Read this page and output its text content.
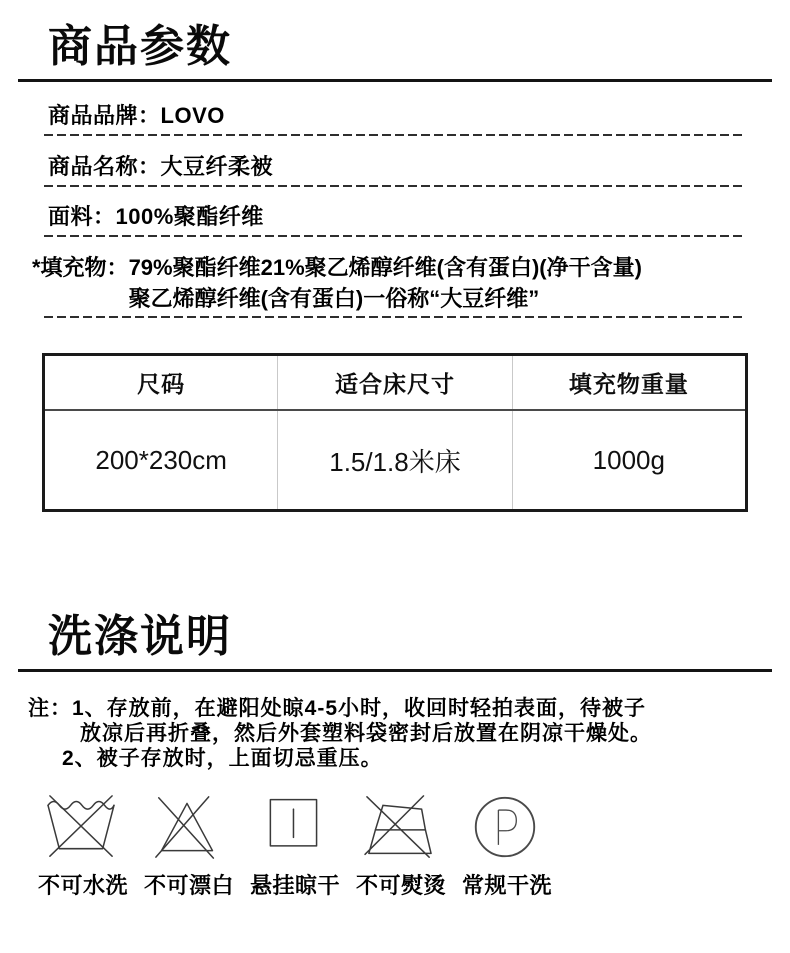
商品参数
商品品牌：LOVO
商品名称：大豆纤柔被
面料：100%聚酯纤维
*填充物： 79%聚酯纤维21%聚乙烯醇纤维(含有蛋白)(净干含量)
聚乙烯醇纤维(含有蛋白)一俗称“大豆纤维”
尺码	适合床尺寸	填充物重量
200*230cm	1.5/1.8米床	1000g
洗涤说明
注：1、存放前，在避阳处晾4-5小时，收回时轻拍表面，待被子
放凉后再折叠，然后外套塑料袋密封后放置在阴凉干燥处。
2、被子存放时，上面切忌重压。
不可水洗 不可漂白 悬挂晾干 不可熨烫 常规干洗
